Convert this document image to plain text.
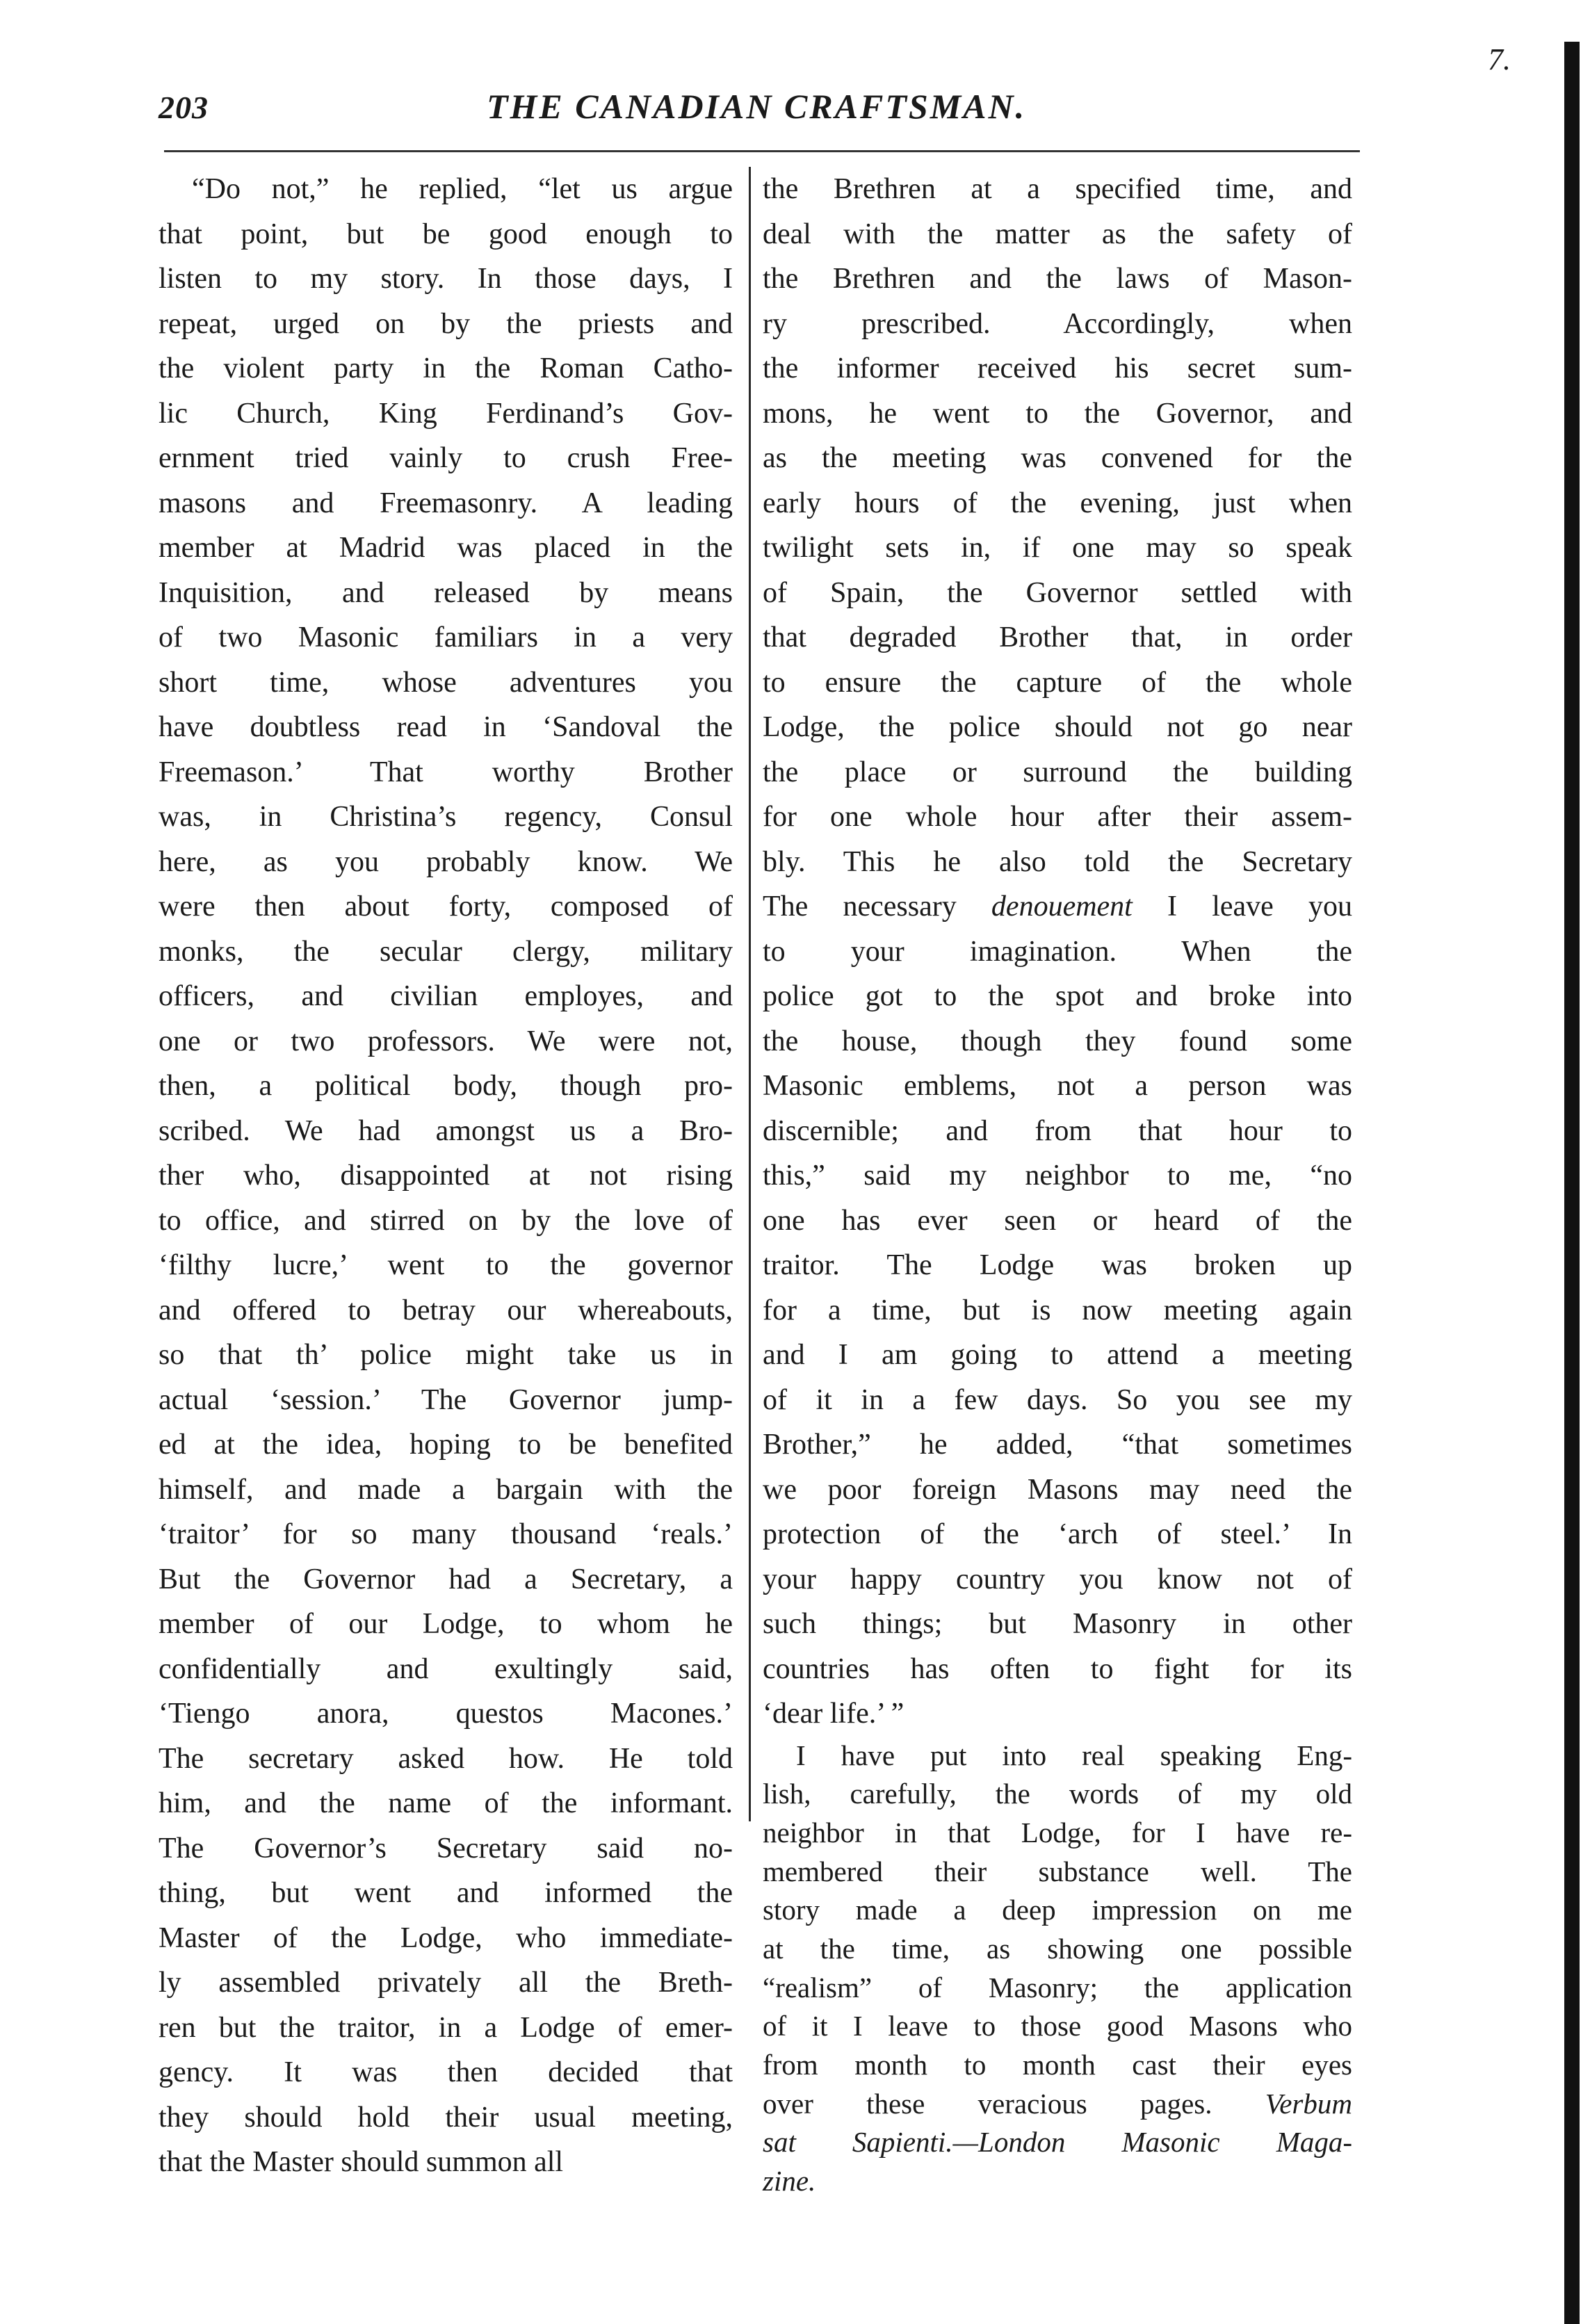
203	THE CANADIAN CRAFTSMAN.
7.
“Do not,” he replied, “let us argue
that point, but be good enough to
listen to my story. In those days, I
repeat, urged on by the priests and
the violent party in the Roman Catho-
lic Church, King Ferdinand’s Gov-
ernment tried vainly to crush Free-
masons and Freemasonry. A leading
member at Madrid was placed in the
Inquisition, and released by means
of two Masonic familiars in a very
short time, whose adventures you
have doubtless read in ‘Sandoval the
Freemason.’ That worthy Brother
was, in Christina’s regency, Consul
here, as you probably know. We
were then about forty, composed of
monks, the secular clergy, military
officers, and civilian employes, and
one or two professors. We were not,
then, a political body, though pro-
scribed. We had amongst us a Bro-
ther who, disappointed at not rising
to office, and stirred on by the love of
‘filthy lucre,’ went to the governor
and offered to betray our whereabouts,
so that th’ police might take us in
actual ‘session.’ The Governor jump-
ed at the idea, hoping to be benefited
himself, and made a bargain with the
‘traitor’ for so many thousand ‘reals.’
But the Governor had a Secretary, a
member of our Lodge, to whom he
confidentially and exultingly said,
‘Tiengo anora, questos Macones.’
The secretary asked how. He told
him, and the name of the informant.
The Governor’s Secretary said no-
thing, but went and informed the
Master of the Lodge, who immediate-
ly assembled privately all the Breth-
ren but the traitor, in a Lodge of emer-
gency. It was then decided that
they should hold their usual meeting,
that the Master should summon all
the Brethren at a specified time, and
deal with the matter as the safety of
the Brethren and the laws of Mason-
ry prescribed. Accordingly, when
the informer received his secret sum-
mons, he went to the Governor, and
as the meeting was convened for the
early hours of the evening, just when
twilight sets in, if one may so speak
of Spain, the Governor settled with
that degraded Brother that, in order
to ensure the capture of the whole
Lodge, the police should not go near
the place or surround the building
for one whole hour after their assem-
bly. This he also told the Secretary
The necessary denouement I leave you
to your imagination. When the
police got to the spot and broke into
the house, though they found some
Masonic emblems, not a person was
discernible; and from that hour to
this,” said my neighbor to me, “no
one has ever seen or heard of the
traitor. The Lodge was broken up
for a time, but is now meeting again
and I am going to attend a meeting
of it in a few days. So you see my
Brother,” he added, “that sometimes
we poor foreign Masons may need the
protection of the ‘arch of steel.’ In
your happy country you know not of
such things; but Masonry in other
countries has often to fight for its
‘dear life.’ ”
I have put into real speaking Eng-
lish, carefully, the words of my old
neighbor in that Lodge, for I have re-
membered their substance well. The
story made a deep impression on me
at the time, as showing one possible
“realism” of Masonry; the application
of it I leave to those good Masons who
from month to month cast their eyes
over these veracious pages. Verbum
sat Sapienti.—London Masonic Maga-
zine.
